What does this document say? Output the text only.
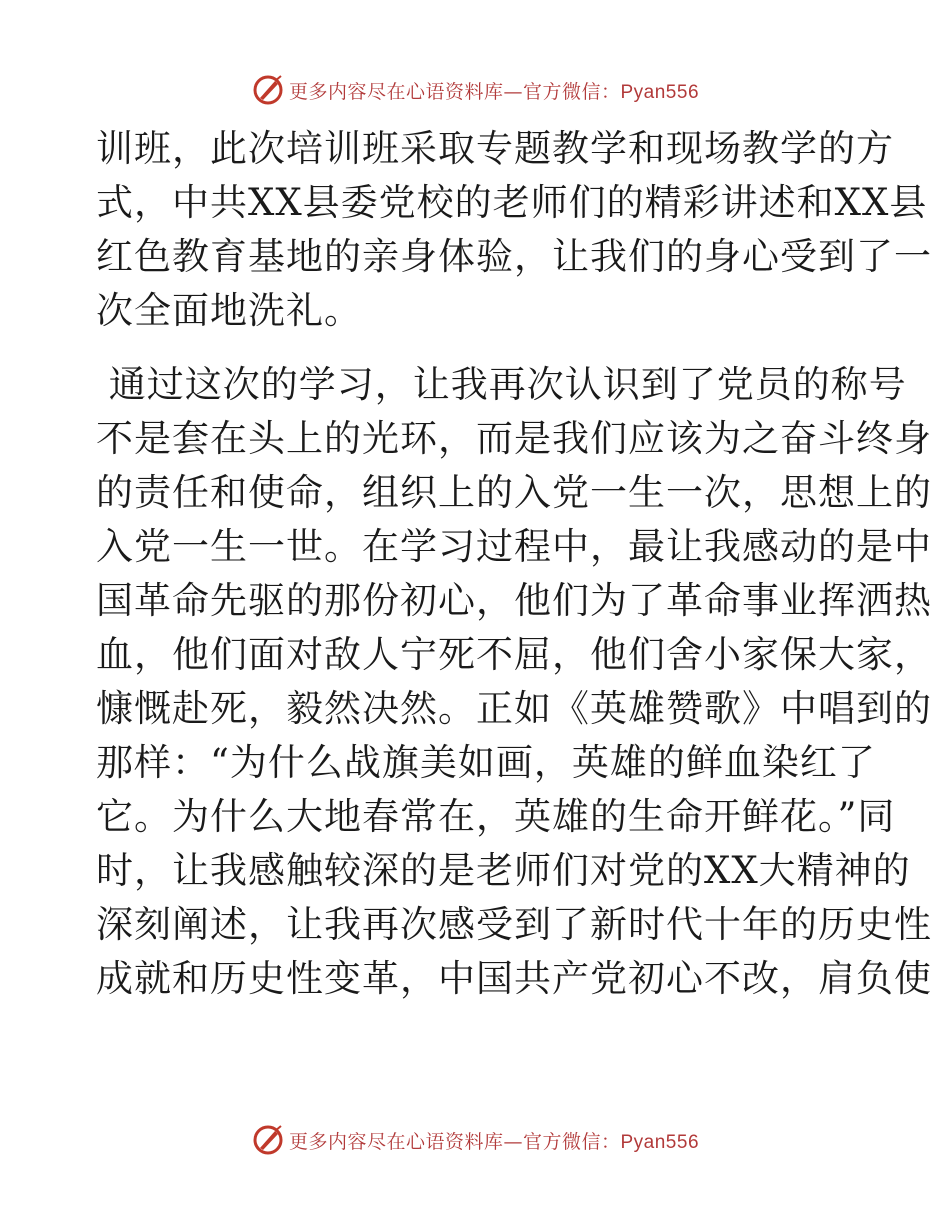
更多内容尽在心语资料库—官方微信：Pyan556
训班，此次培训班采取专题教学和现场教学的方
式，中共XX县委党校的老师们的精彩讲述和XX县
红色教育基地的亲身体验，让我们的身心受到了一
次全面地洗礼。
通过这次的学习，让我再次认识到了党员的称号
不是套在头上的光环，而是我们应该为之奋斗终身
的责任和使命，组织上的入党一生一次，思想上的
入党一生一世。在学习过程中，最让我感动的是中
国革命先驱的那份初心，他们为了革命事业挥洒热
血，他们面对敌人宁死不屈，他们舍小家保大家，
慷慨赴死，毅然决然。正如《英雄赞歌》中唱到的
那样：“为什么战旗美如画，英雄的鲜血染红了
它。为什么大地春常在，英雄的生命开鲜花。”同
时，让我感触较深的是老师们对党的XX大精神的
深刻阐述，让我再次感受到了新时代十年的历史性
成就和历史性变革，中国共产党初心不改，肩负使
更多内容尽在心语资料库—官方微信：Pyan556
